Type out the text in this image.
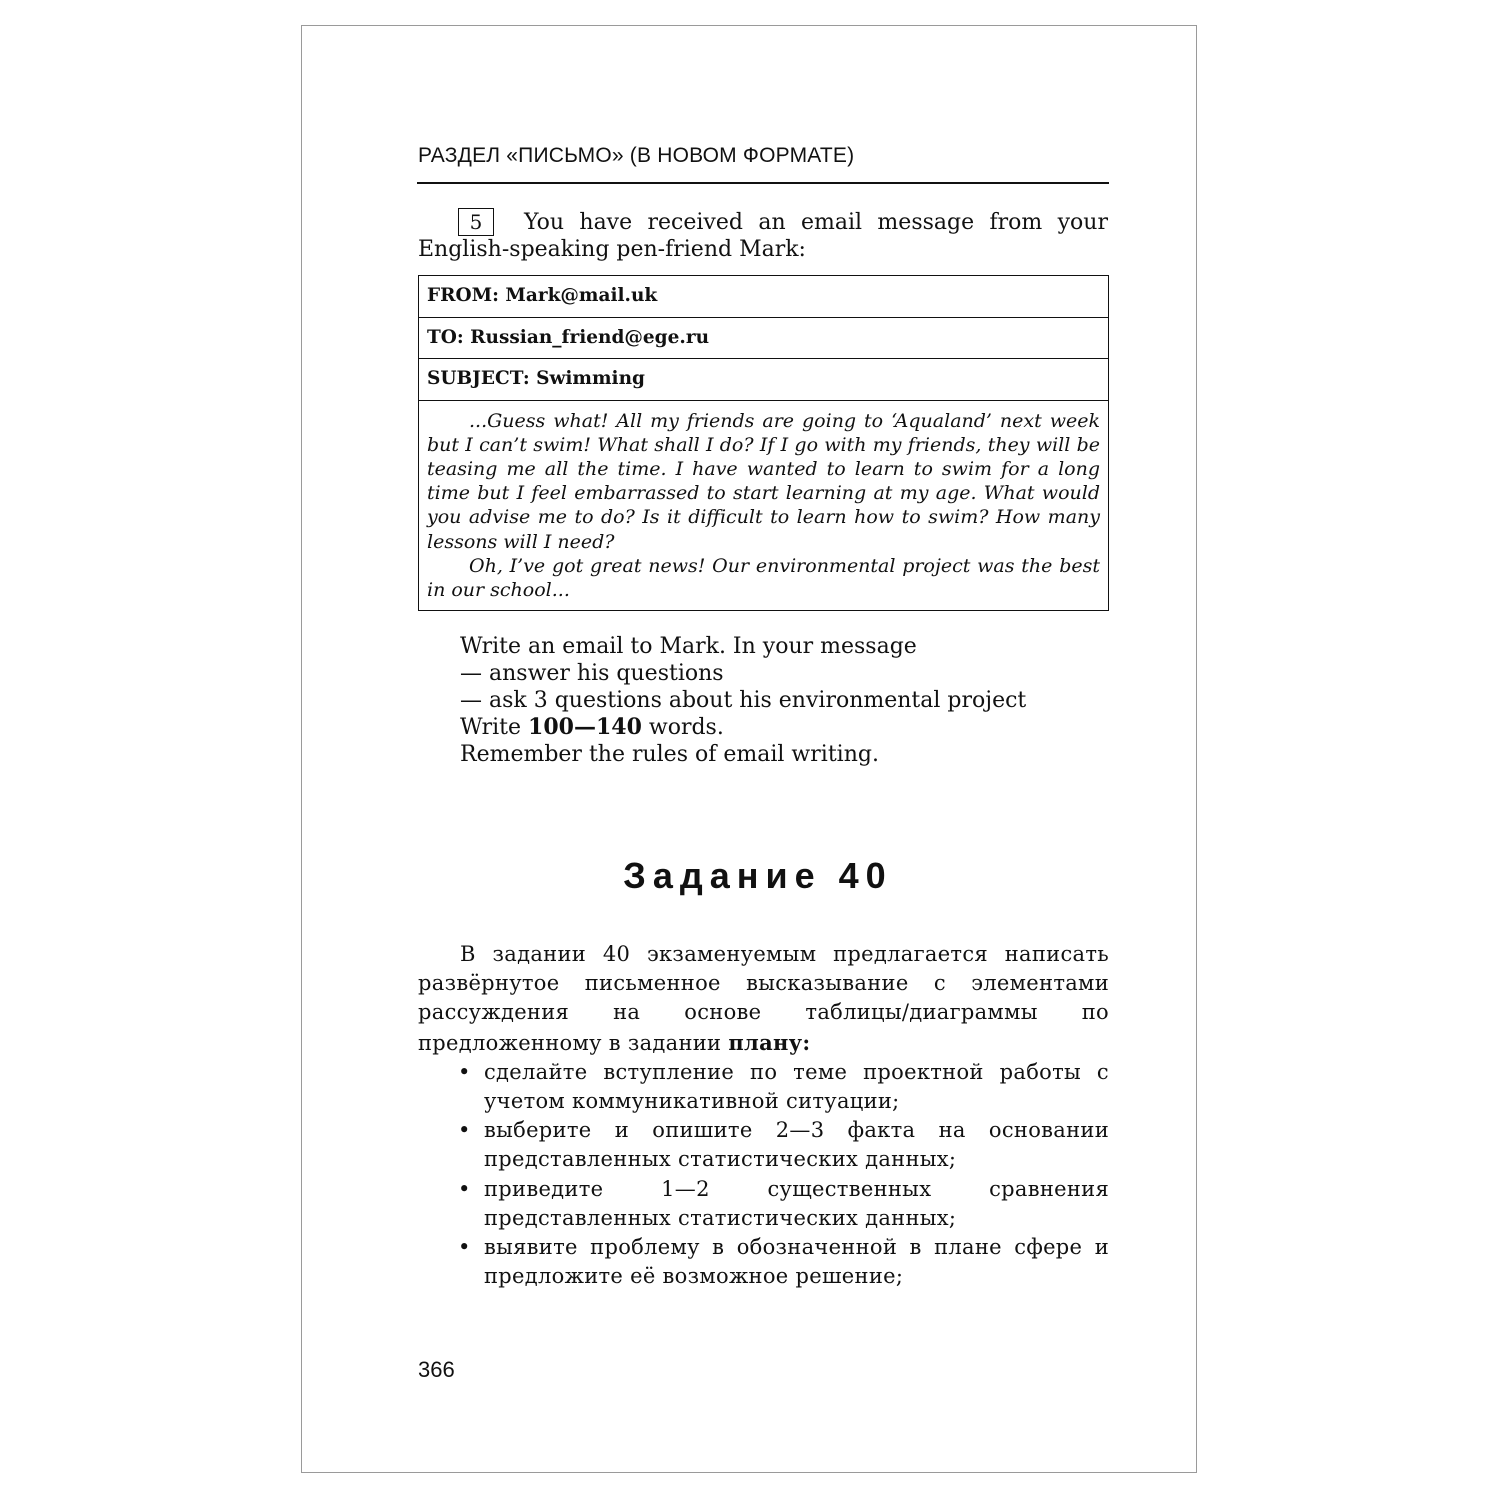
РАЗДЕЛ «ПИСЬМО» (В НОВОМ ФОРМАТЕ)
5 You have received an email message from your English-speaking pen-friend Mark:
FROM: Mark@mail.uk
TO: Russian_friend@ege.ru
SUBJECT: Swimming

...Guess what! All my friends are going to ‘Aqualand’ next week but I can’t swim! What shall I do? If I go with my friends, they will be teasing me all the time. I have wanted to learn to swim for a long time but I feel embarrassed to start learning at my age. What would you advise me to do? Is it difficult to learn how to swim? How many lessons will I need?

Oh, I’ve got great news! Our environmental project was the best in our school...

Write an email to Mark. In your message
— answer his questions
— ask 3 questions about his environmental project
Write 100—140 words.
Remember the rules of email writing.
Задание 40

В задании 40 экзаменуемым предлагается написать развёрнутое письменное высказывание с элементами рассуждения на основе таблицы/диаграммы по предложенному в задании плану:

• сделайте вступление по теме проектной работы с учетом коммуникативной ситуации;
• выберите и опишите 2—3 факта на основании представленных статистических данных;
• приведите 1—2 существенных сравнения представленных статистических данных;
• выявите проблему в обозначенной в плане сфере и предложите её возможное решение;
366
